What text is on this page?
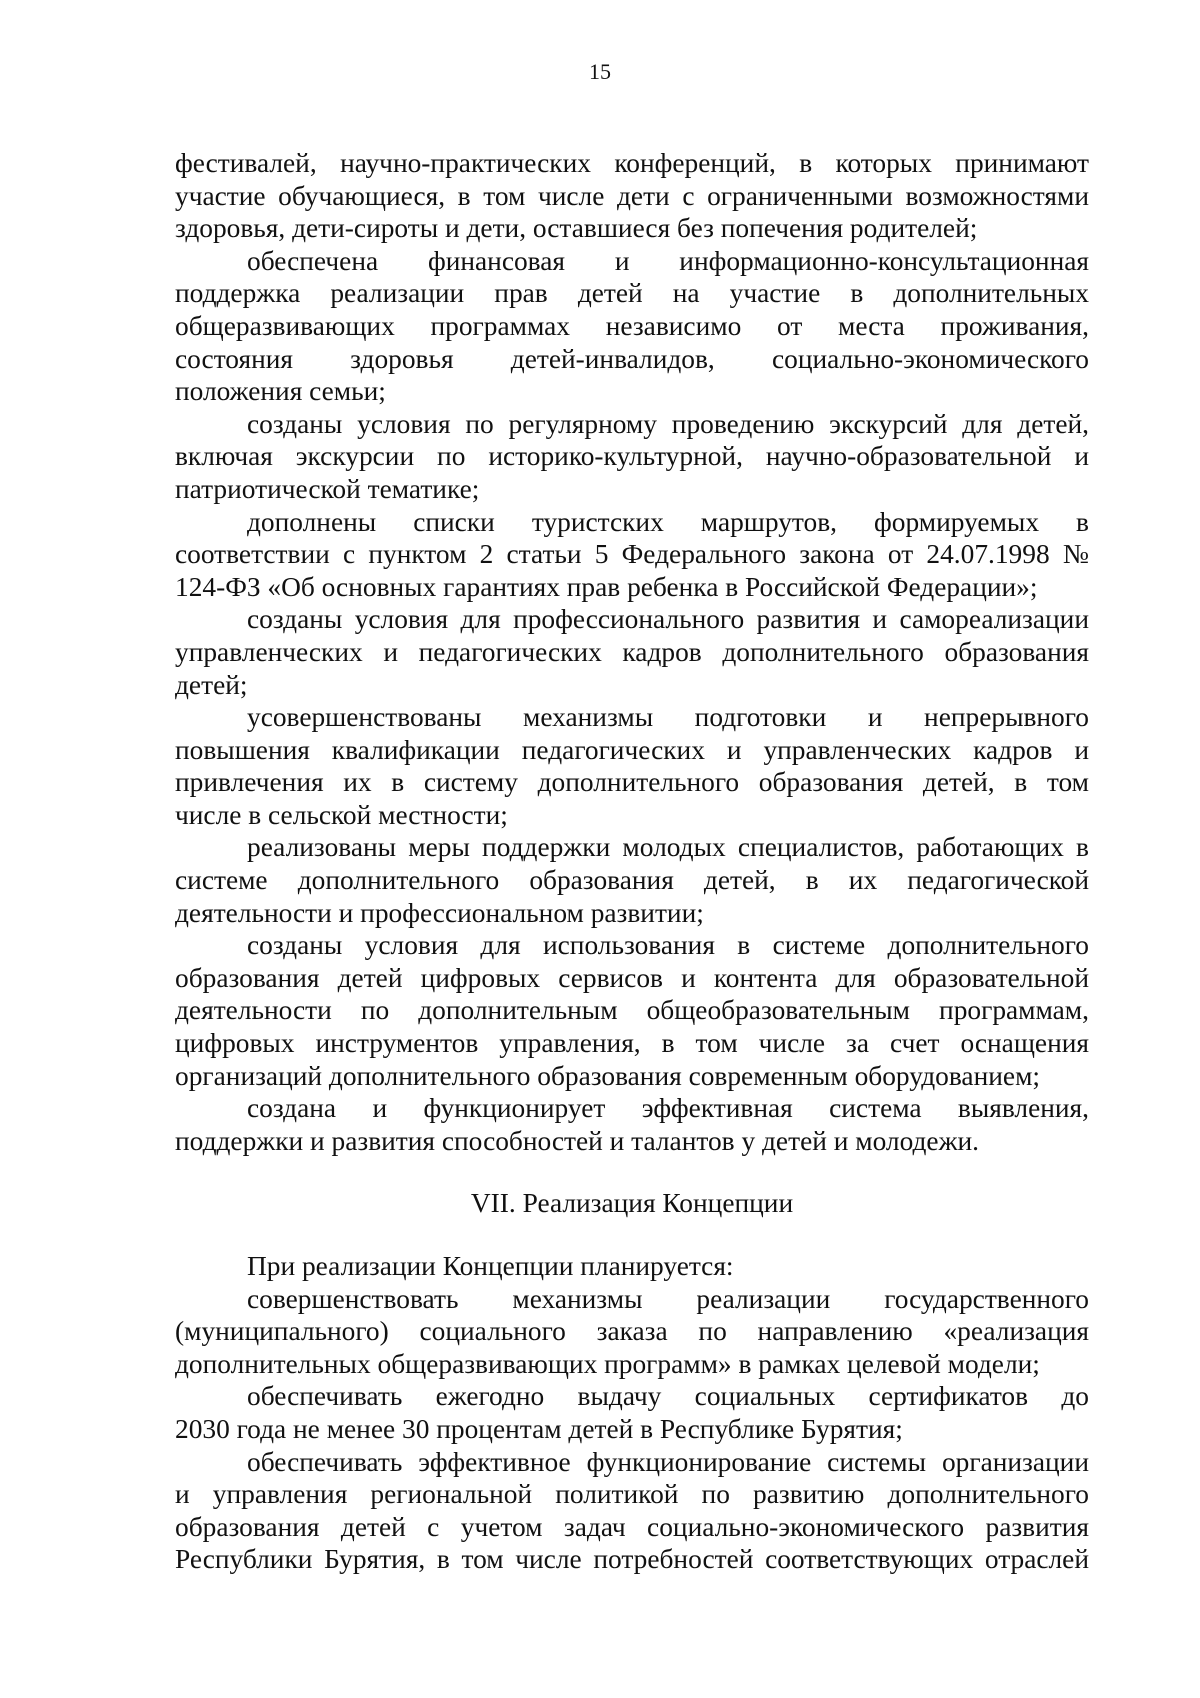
15
фестивалей, научно-практических конференций, в которых принимают
участие обучающиеся, в том числе дети с ограниченными возможностями
здоровья, дети-сироты и дети, оставшиеся без попечения родителей;
обеспечена финансовая и информационно-консультационная
поддержка реализации прав детей на участие в дополнительных
общеразвивающих программах независимо от места проживания,
состояния здоровья детей-инвалидов, социально-экономического
положения семьи;
созданы условия по регулярному проведению экскурсий для детей,
включая экскурсии по историко-культурной, научно-образовательной и
патриотической тематике;
дополнены списки туристских маршрутов, формируемых в
соответствии с пунктом 2 статьи 5 Федерального закона от 24.07.1998 №
124-ФЗ «Об основных гарантиях прав ребенка в Российской Федерации»;
созданы условия для профессионального развития и самореализации
управленческих и педагогических кадров дополнительного образования
детей;
усовершенствованы механизмы подготовки и непрерывного
повышения квалификации педагогических и управленческих кадров и
привлечения их в систему дополнительного образования детей, в том
числе в сельской местности;
реализованы меры поддержки молодых специалистов, работающих в
системе дополнительного образования детей, в их педагогической
деятельности и профессиональном развитии;
созданы условия для использования в системе дополнительного
образования детей цифровых сервисов и контента для образовательной
деятельности по дополнительным общеобразовательным программам,
цифровых инструментов управления, в том числе за счет оснащения
организаций дополнительного образования современным оборудованием;
создана и функционирует эффективная система выявления,
поддержки и развития способностей и талантов у детей и молодежи.
VII. Реализация Концепции
При реализации Концепции планируется:
совершенствовать механизмы реализации государственного
(муниципального) социального заказа по направлению «реализация
дополнительных общеразвивающих программ» в рамках целевой модели;
обеспечивать ежегодно выдачу социальных сертификатов до
2030 года не менее 30 процентам детей в Республике Бурятия;
обеспечивать эффективное функционирование системы организации
и управления региональной политикой по развитию дополнительного
образования детей с учетом задач социально-экономического развития
Республики Бурятия, в том числе потребностей соответствующих отраслей
